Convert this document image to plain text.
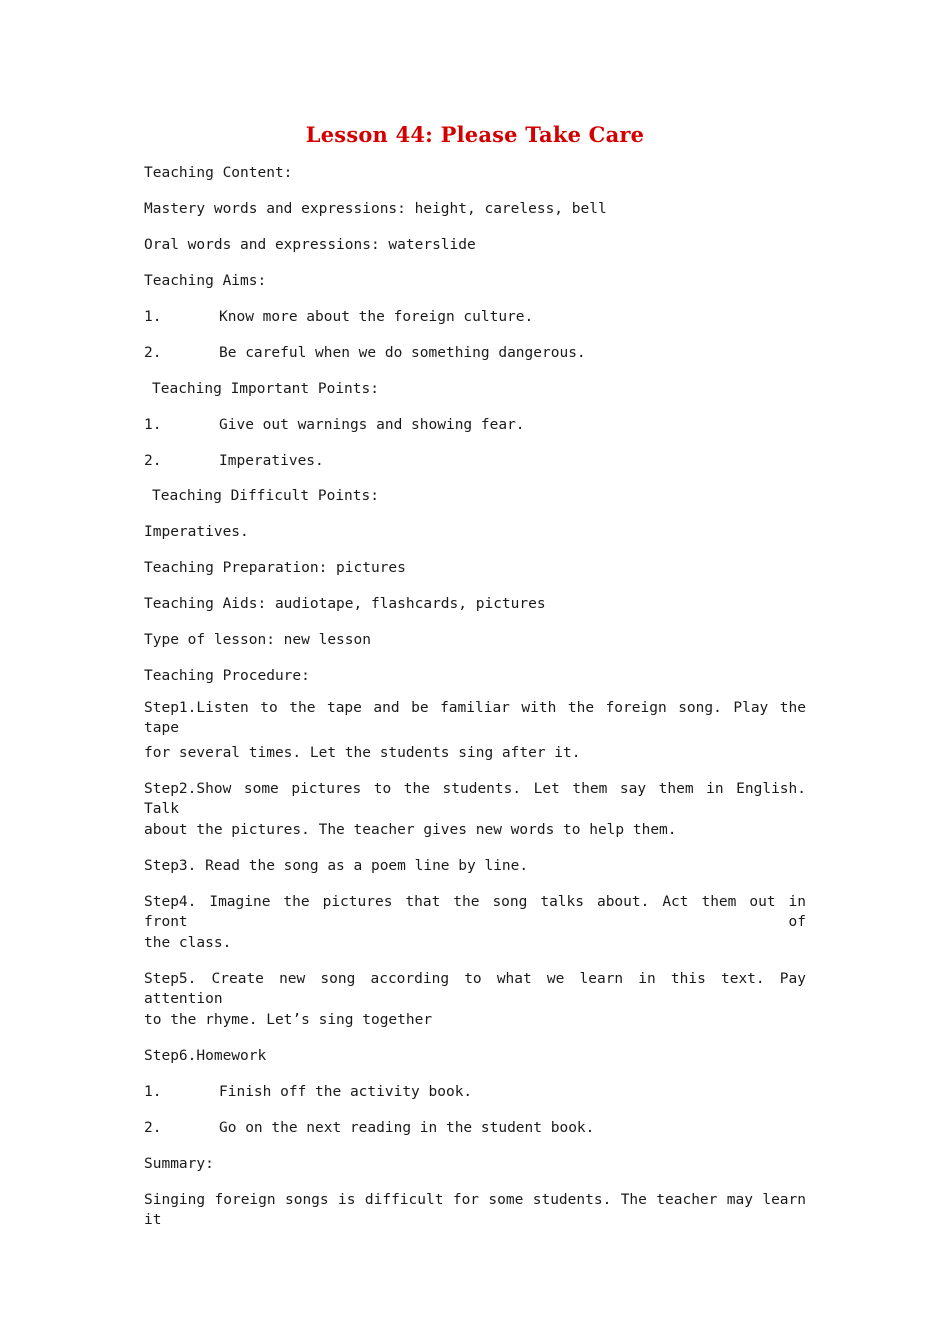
Lesson 44: Please Take Care
Teaching Content:
Mastery words and expressions: height, careless, bell
Oral words and expressions: waterslide
Teaching Aims:
1.	Know more about the foreign culture.
2.	Be careful when we do something dangerous.
Teaching Important Points:
1.	Give out warnings and showing fear.
2.	Imperatives.
Teaching Difficult Points:
Imperatives.
Teaching Preparation: pictures
Teaching Aids: audiotape, flashcards, pictures
Type of lesson: new lesson
Teaching Procedure:
Step1.Listen to the tape and be familiar with the foreign song. Play the tape
for several times. Let the students sing after it.
Step2.Show some pictures to the students. Let them say them in English. Talk
about the pictures. The teacher gives new words to help them.
Step3. Read the song as a poem line by line.
Step4. Imagine the pictures that the song talks about. Act them out in front of
the class.
Step5. Create new song according to what we learn in this text. Pay attention
to the rhyme. Let’s sing together
Step6.Homework
1.	Finish off the activity book.
2.	Go on the next reading in the student book.
Summary:
Singing foreign songs is difficult for some students. The teacher may learn it
